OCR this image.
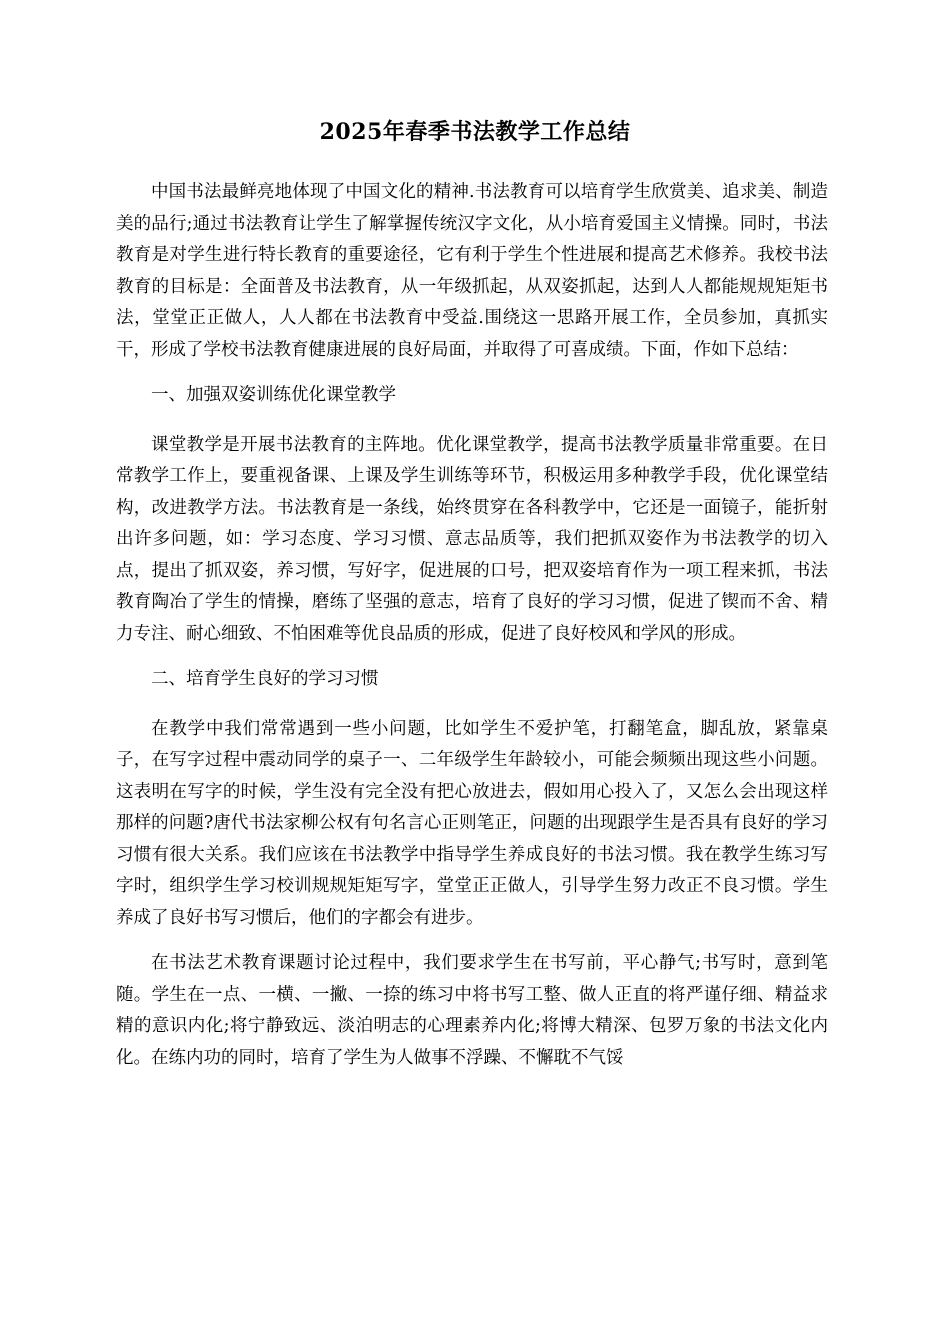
2025年春季书法教学工作总结

中国书法最鲜亮地体现了中国文化的精神.书法教育可以培育学生欣赏美、追求美、制造美的品行;通过书法教育让学生了解掌握传统汉字文化，从小培育爱国主义情操。同时，书法教育是对学生进行特长教育的重要途径，它有利于学生个性进展和提高艺术修养。我校书法教育的目标是：全面普及书法教育，从一年级抓起，从双姿抓起，达到人人都能规规矩矩书法，堂堂正正做人，人人都在书法教育中受益.围绕这一思路开展工作，全员参加，真抓实干，形成了学校书法教育健康进展的良好局面，并取得了可喜成绩。下面，作如下总结：

一、加强双姿训练优化课堂教学

课堂教学是开展书法教育的主阵地。优化课堂教学，提高书法教学质量非常重要。在日常教学工作上，要重视备课、上课及学生训练等环节，积极运用多种教学手段，优化课堂结构，改进教学方法。书法教育是一条线，始终贯穿在各科教学中，它还是一面镜子，能折射出许多问题，如：学习态度、学习习惯、意志品质等，我们把抓双姿作为书法教学的切入点，提出了抓双姿，养习惯，写好字，促进展的口号，把双姿培育作为一项工程来抓，书法教育陶冶了学生的情操，磨练了坚强的意志，培育了良好的学习习惯，促进了锲而不舍、精力专注、耐心细致、不怕困难等优良品质的形成，促进了良好校风和学风的形成。

二、培育学生良好的学习习惯

在教学中我们常常遇到一些小问题，比如学生不爱护笔，打翻笔盒，脚乱放，紧靠桌子，在写字过程中震动同学的桌子一、二年级学生年龄较小，可能会频频出现这些小问题。这表明在写字的时候，学生没有完全没有把心放进去，假如用心投入了，又怎么会出现这样那样的问题?唐代书法家柳公权有句名言心正则笔正，问题的出现跟学生是否具有良好的学习习惯有很大关系。我们应该在书法教学中指导学生养成良好的书法习惯。我在教学生练习写字时，组织学生学习校训规规矩矩写字，堂堂正正做人，引导学生努力改正不良习惯。学生养成了良好书写习惯后，他们的字都会有进步。

在书法艺术教育课题讨论过程中，我们要求学生在书写前，平心静气;书写时，意到笔随。学生在一点、一横、一撇、一捺的练习中将书写工整、做人正直的将严谨仔细、精益求精的意识内化;将宁静致远、淡泊明志的心理素养内化;将博大精深、包罗万象的书法文化内化。在练内功的同时，培育了学生为人做事不浮躁、不懈耽不气馁
